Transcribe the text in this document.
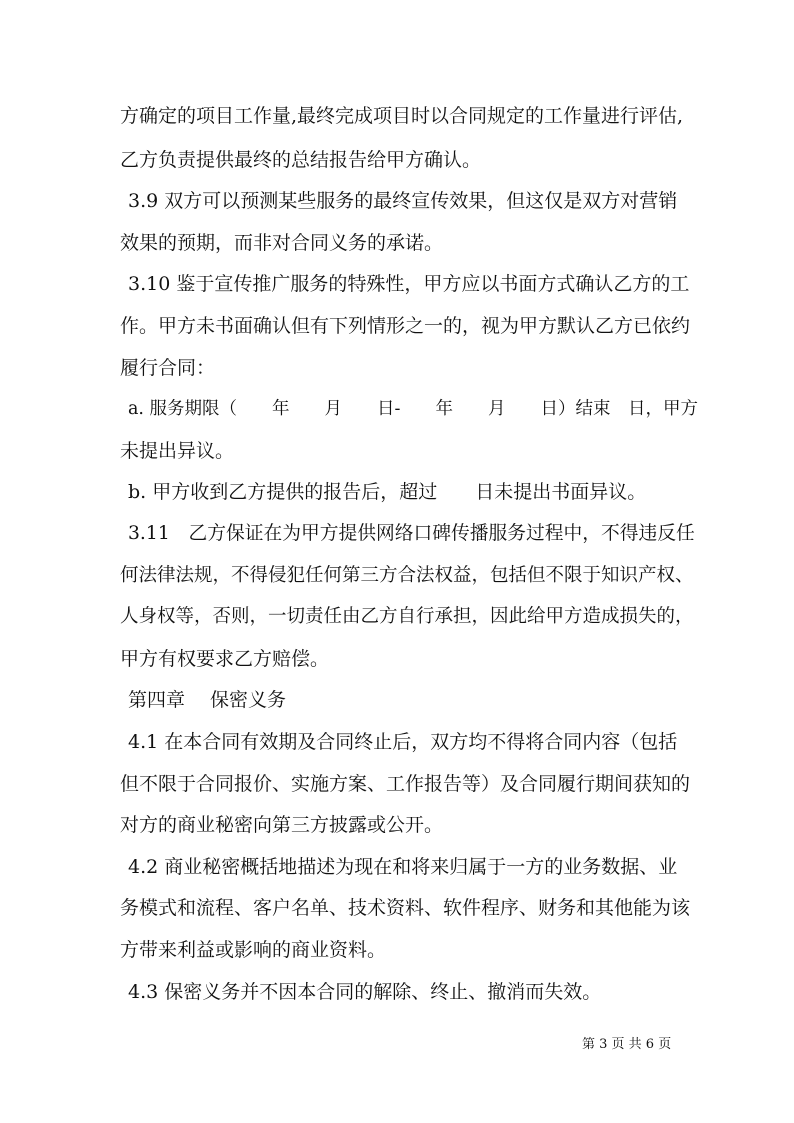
方确定的项目工作量,最终完成项目时以合同规定的工作量进行评估,
乙方负责提供最终的总结报告给甲方确认。
3.9 双方可以预测某些服务的最终宣传效果，但这仅是双方对营销
效果的预期，而非对合同义务的承诺。
3.10 鉴于宣传推广服务的特殊性，甲方应以书面方式确认乙方的工
作。甲方未书面确认但有下列情形之一的，视为甲方默认乙方已依约
履行合同：
a. 服务期限（　　年　　月　　日-　　年　　月　　日）结束　日，甲方
未提出异议。
b. 甲方收到乙方提供的报告后，超过　　日未提出书面异议。
3.11　乙方保证在为甲方提供网络口碑传播服务过程中，不得违反任
何法律法规，不得侵犯任何第三方合法权益，包括但不限于知识产权、
人身权等，否则，一切责任由乙方自行承担，因此给甲方造成损失的，
甲方有权要求乙方赔偿。
第四章　 保密义务
4.1 在本合同有效期及合同终止后，双方均不得将合同内容（包括
但不限于合同报价、实施方案、工作报告等）及合同履行期间获知的
对方的商业秘密向第三方披露或公开。
4.2 商业秘密概括地描述为现在和将来归属于一方的业务数据、业
务模式和流程、客户名单、技术资料、软件程序、财务和其他能为该
方带来利益或影响的商业资料。
4.3 保密义务并不因本合同的解除、终止、撤消而失效。
第 3 页 共 6 页
